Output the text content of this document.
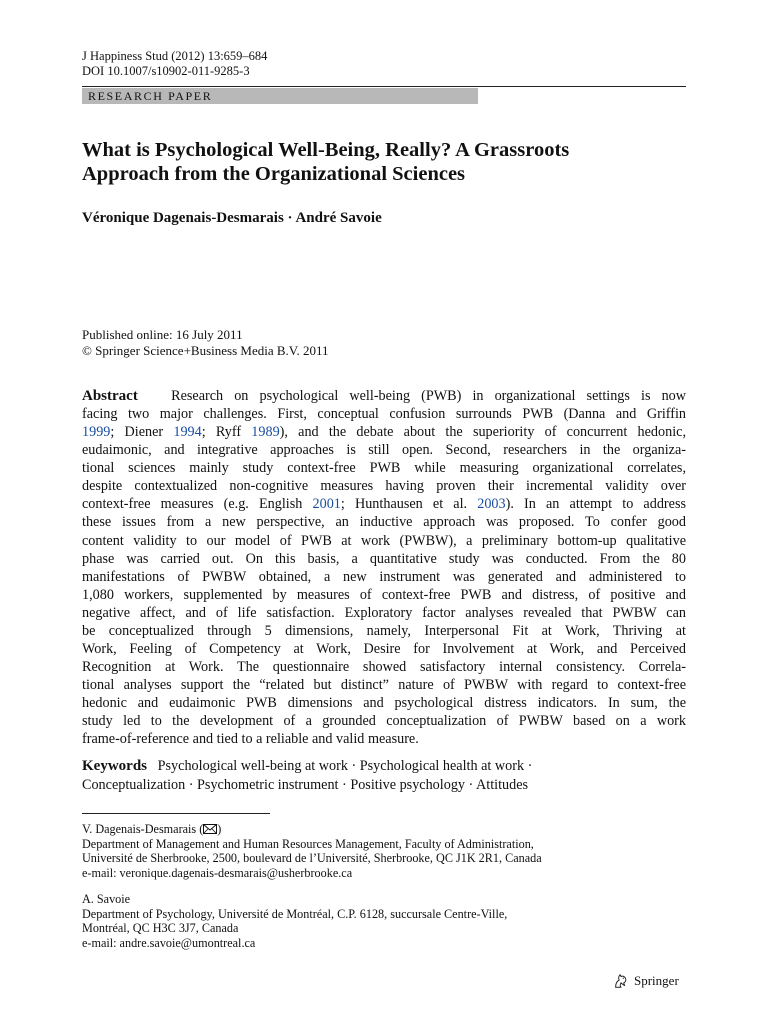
J Happiness Stud (2012) 13:659–684
DOI 10.1007/s10902-011-9285-3
RESEARCH PAPER
What is Psychological Well-Being, Really? A Grassroots
Approach from the Organizational Sciences
Véronique Dagenais-Desmarais · André Savoie
Published online: 16 July 2011
© Springer Science+Business Media B.V. 2011
Abstract Research on psychological well-being (PWB) in organizational settings is now
facing two major challenges. First, conceptual confusion surrounds PWB (Danna and Griffin
1999; Diener 1994; Ryff 1989), and the debate about the superiority of concurrent hedonic,
eudaimonic, and integrative approaches is still open. Second, researchers in the organiza-
tional sciences mainly study context-free PWB while measuring organizational correlates,
despite contextualized non-cognitive measures having proven their incremental validity over
context-free measures (e.g. English 2001; Hunthausen et al. 2003). In an attempt to address
these issues from a new perspective, an inductive approach was proposed. To confer good
content validity to our model of PWB at work (PWBW), a preliminary bottom-up qualitative
phase was carried out. On this basis, a quantitative study was conducted. From the 80
manifestations of PWBW obtained, a new instrument was generated and administered to
1,080 workers, supplemented by measures of context-free PWB and distress, of positive and
negative affect, and of life satisfaction. Exploratory factor analyses revealed that PWBW can
be conceptualized through 5 dimensions, namely, Interpersonal Fit at Work, Thriving at
Work, Feeling of Competency at Work, Desire for Involvement at Work, and Perceived
Recognition at Work. The questionnaire showed satisfactory internal consistency. Correla-
tional analyses support the “related but distinct” nature of PWBW with regard to context-free
hedonic and eudaimonic PWB dimensions and psychological distress indicators. In sum, the
study led to the development of a grounded conceptualization of PWBW based on a work
frame-of-reference and tied to a reliable and valid measure.
Keywords Psychological well-being at work · Psychological health at work ·
Conceptualization · Psychometric instrument · Positive psychology · Attitudes
V. Dagenais-Desmarais ( )
Department of Management and Human Resources Management, Faculty of Administration,
Université de Sherbrooke, 2500, boulevard de l’Université, Sherbrooke, QC J1K 2R1, Canada
e-mail: veronique.dagenais-desmarais@usherbrooke.ca
A. Savoie
Department of Psychology, Université de Montréal, C.P. 6128, succursale Centre-Ville,
Montréal, QC H3C 3J7, Canada
e-mail: andre.savoie@umontreal.ca
Springer
